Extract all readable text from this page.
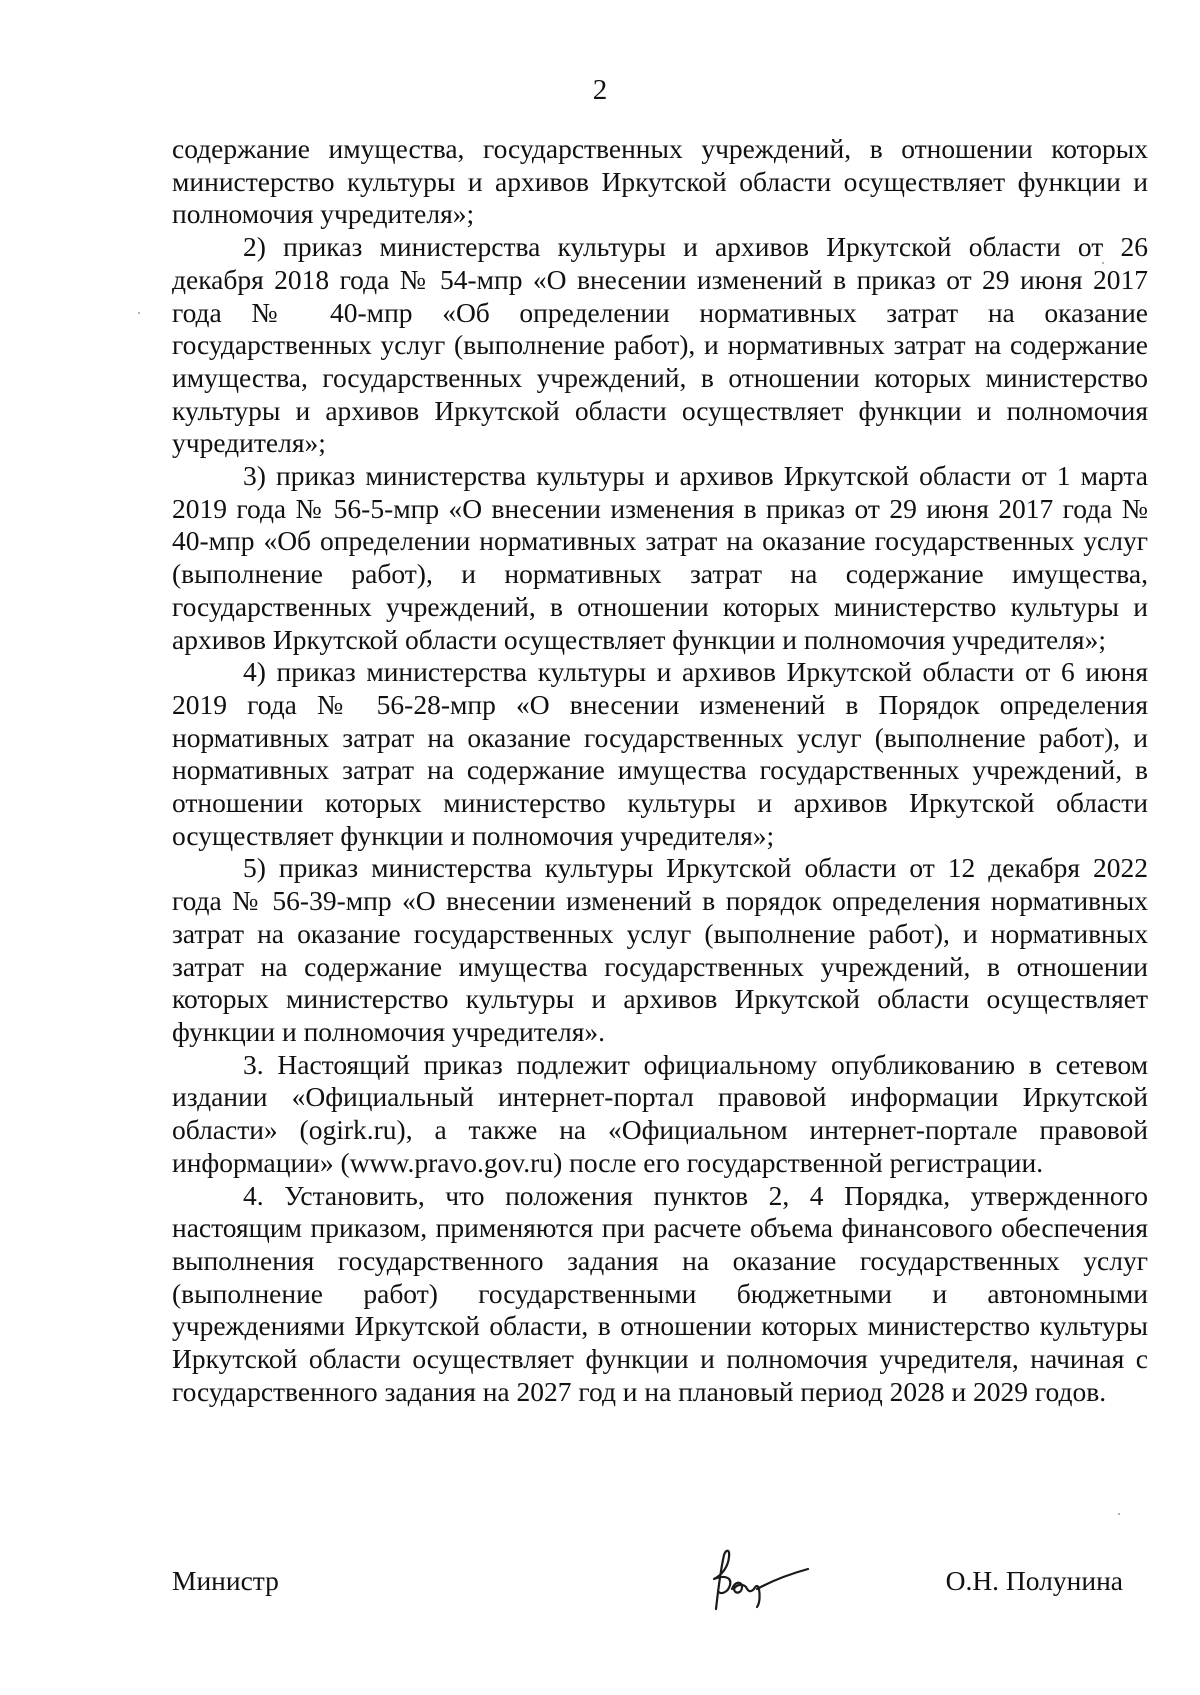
2

содержание имущества, государственных учреждений, в отношении которых министерство культуры и архивов Иркутской области осуществляет функции и полномочия учредителя»;

2) приказ министерства культуры и архивов Иркутской области от 26 декабря 2018 года № 54-мпр «О внесении изменений в приказ от 29 июня 2017 года № 40-мпр «Об определении нормативных затрат на оказание государственных услуг (выполнение работ), и нормативных затрат на содержание имущества, государственных учреждений, в отношении которых министерство культуры и архивов Иркутской области осуществляет функции и полномочия учредителя»;

3) приказ министерства культуры и архивов Иркутской области от 1 марта 2019 года № 56-5-мпр «О внесении изменения в приказ от 29 июня 2017 года № 40-мпр «Об определении нормативных затрат на оказание государственных услуг (выполнение работ), и нормативных затрат на содержание имущества, государственных учреждений, в отношении которых министерство культуры и архивов Иркутской области осуществляет функции и полномочия учредителя»;

4) приказ министерства культуры и архивов Иркутской области от 6 июня 2019 года № 56-28-мпр «О внесении изменений в Порядок определения нормативных затрат на оказание государственных услуг (выполнение работ), и нормативных затрат на содержание имущества государственных учреждений, в отношении которых министерство культуры и архивов Иркутской области осуществляет функции и полномочия учредителя»;

5) приказ министерства культуры Иркутской области от 12 декабря 2022 года № 56-39-мпр «О внесении изменений в порядок определения нормативных затрат на оказание государственных услуг (выполнение работ), и нормативных затрат на содержание имущества государственных учреждений, в отношении которых министерство культуры и архивов Иркутской области осуществляет функции и полномочия учредителя».

3. Настоящий приказ подлежит официальному опубликованию в сетевом издании «Официальный интернет-портал правовой информации Иркутской области» (ogirk.ru), а также на «Официальном интернет-портале правовой информации» (www.pravo.gov.ru) после его государственной регистрации.

4. Установить, что положения пунктов 2, 4 Порядка, утвержденного настоящим приказом, применяются при расчете объема финансового обеспечения выполнения государственного задания на оказание государственных услуг (выполнение работ) государственными бюджетными и автономными учреждениями Иркутской области, в отношении которых министерство культуры Иркутской области осуществляет функции и полномочия учредителя, начиная с государственного задания на 2027 год и на плановый период 2028 и 2029 годов.

Министр	О.Н. Полунина
